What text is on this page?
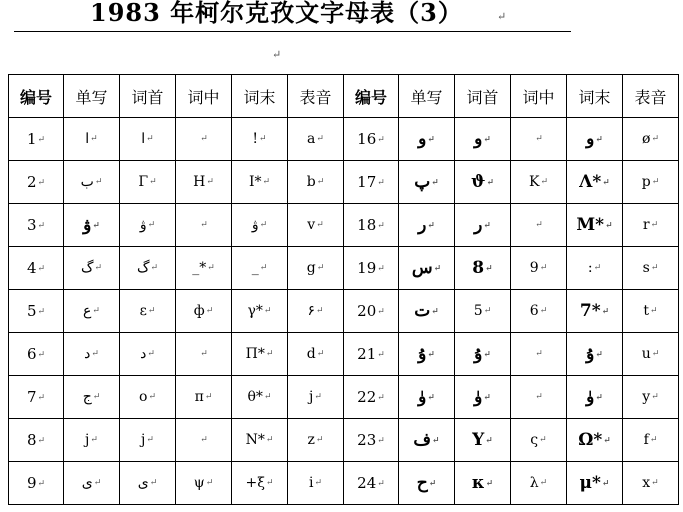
1983 年柯尔克孜文字母表（3）	↵
↵
编号	单写	词首	词中	词末	表音	编号	单写	词首	词中	词末	表音
1↵	ا↵	ا↵	↵	!↵	a↵	16↵	و↵	و↵	↵	و↵	ø↵
2↵	ب↵	Γ↵	H↵	I*↵	b↵	17↵	پ↵	ϑ↵	K↵	Λ*↵	p↵
3↵	ۋ↵	ۋ↵	↵	ۋ↵	v↵	18↵	ر↵	ر↵	↵	M*↵	r↵
4↵	گ↵	گ↵	_*↵	_↵	g↵	19↵	س↵	8↵	9↵	:↵	s↵
5↵	ع↵	ε↵	ф↵	γ*↵	۶↵	20↵	ت↵	5↵	6↵	7*↵	t↵
6↵	د↵	د↵	↵	Π*↵	d↵	21↵	ۇ↵	ۇ↵	↵	ۇ↵	u↵
7↵	ج↵	o↵	π↵	θ*↵	j↵	22↵	ۈ↵	ۈ↵	↵	ۈ↵	y↵
8↵	j↵	j↵	↵	N*↵	z↵	23↵	ف↵	Y↵	ς↵	Ω*↵	f↵
9↵	ى↵	ى↵	ψ↵	+ξ↵	i↵	24↵	ح↵	κ↵	λ↵	μ*↵	x↵
